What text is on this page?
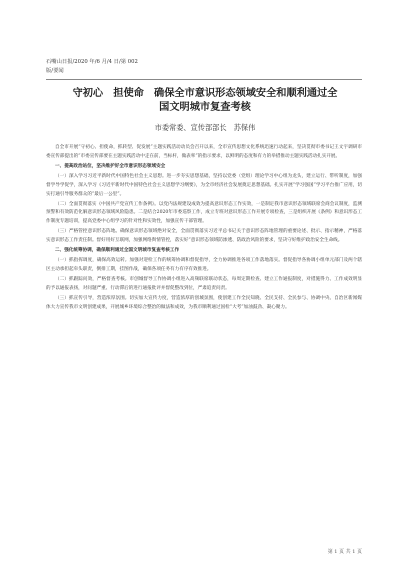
石嘴山日报/2020 年/6 月/4 日/第 002
版/要闻
守初心　担使命　确保全市意识形态领域安全和顺利通过全
国文明城市复查考核
市委常委、宣传部部长　苏保伟

自全市开展“守初心、担使命，抓转型、促发展”主题实践活动动员会召开以来，全市宣传思想文化系统迅速行动起来，坚决贯彻市委书记王文宇调研市委宣传部提出的“市委宣传部要在主题实践活动中走在前，当标杆，做表率”的指示要求，以鲜明的态度和有力的举措推动主题实践活动扎实开展。

一、提高政治站位，坚决维护好全市意识形态领域安全

（一）深入学习习近平新时代中国特色社会主义思想。进一步夯实思想基础，坚持以党委（党组）理论学习中心组为龙头，建立运行、带听制度，加强督学导学促学，深入学习《习近平新时代中国特色社会主义思想学习纲要》，为全市经济社会发展奠定思想基础。扎实开展“学习强国”学习平台推广应用，切实打通引导服务群众的“最后一公里”。

（二）全面贯彻落实《中国共产党宣传工作条例》。以党内法规建设成效为提高意识形态工作实效，一是制定我市意识形态领域联席会商会议制度，监测预警和有效防范化解意识形态领域风险隐患。二是结合2020年市委巡察工作，成立专班对意识形态工作开展专项检查，三是组织开展《条例》和意识形态工作制度专题培训，提高党委中心组学习的针对性和实效性，加强宣传干部管理。

（三）严格管控意识形态阵地。确保意识形态领域绝对安全，全面贯彻落实习近平总书记关于意识形态阵地管理的重要论述、批示、指示精神，严格落实意识形态工作责任制。督好用好互联网，加强网络舆情管控，落实好“意识形态领域防渗透、防政治风险的要求，坚决守好维护政治安全生命线。

二、强化统筹协调，确保顺利通过全国文明城市复查考核工作

（一）抓指挥调度，确保高效运转。加强对迎检工作的统筹协调和督促指导，全力协调推进各项工作落地落实。督促指导各协调小组单元部门及两个辖区主动承担起牵头职责，倒排工期，挂图作战，确保各项任务有力有序有效推进。

（二）抓跟踪问效，严格督查考核。市创城督导工作协调小组进入高频联席联动状态，每周定期检查、建立工作通报制度，对措施得力、工作成效明显的予以通报表扬，对问题严重、行动滞后的进行通报批评并督促整改到位，严肃追责问责。

（三）抓宣传引导，营造浓厚氛围。切实加大宣传力度，营造浓厚的创城氛围，使创建工作全民知晓、全民支持、全民参与、协调中央、自治区新闻媒体大力宣传我市文明创建成果，开展城乡环境综合整治的做法和成效，为我市顺利通过国检“大考”加油鼓劲、凝心聚力。

第 1 页 共 1 页
